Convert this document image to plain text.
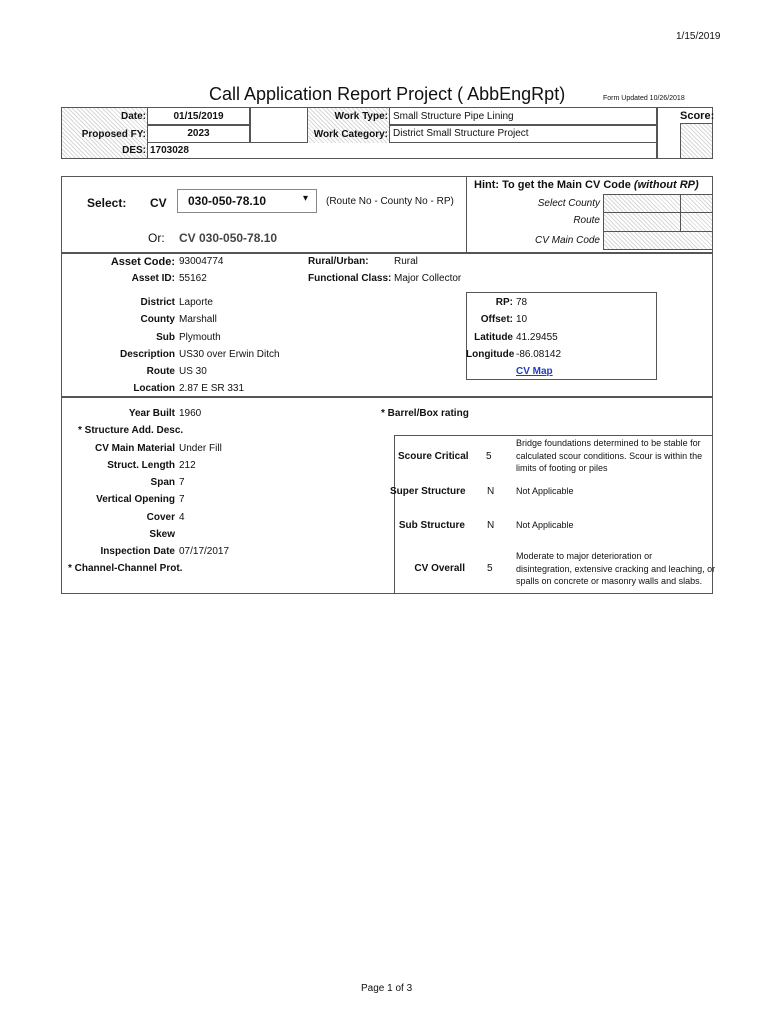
1/15/2019
Call Application Report Project ( AbbEngRpt)	Form Updated 10/26/2018
Date:	01/15/2019
Proposed FY:	2023
DES: 1703028
Work Type: Small Structure Pipe Lining
Work Category: District Small Structure Project
Score:
Select: CV 030-050-78.10	▾ (Route No - County No - RP)
Or: CV 030-050-78.10
Hint: To get the Main CV Code (without RP)
Select County
Route
CV Main Code
Asset Code: 93004774
Asset ID: 55162
Rural/Urban:	Rural
Functional Class: Major Collector
District Laporte
County Marshall
Sub Plymouth
Description US30 over Erwin Ditch
Route US 30
Location 2.87 E SR 331
RP: 78
Offset: 10
Latitude 41.29455
Longitude -86.08142
CV Map
Year Built 1960
* Structure Add. Desc.
CV Main Material Under Fill
Struct. Length 212
Span 7
Vertical Opening 7
Cover 4
Skew
Inspection Date 07/17/2017
* Channel-Channel Prot.
* Barrel/Box rating
Scoure Critical 5
Bridge foundations determined to be stable for
calculated scour conditions. Scour is within the
limits of footing or piles
Super Structure N Not Applicable
Sub Structure N Not Applicable
CV Overall 5
Moderate to major deterioration or
disintegration, extensive cracking and leaching, or
spalls on concrete or masonry walls and slabs.
Page 1 of 3
